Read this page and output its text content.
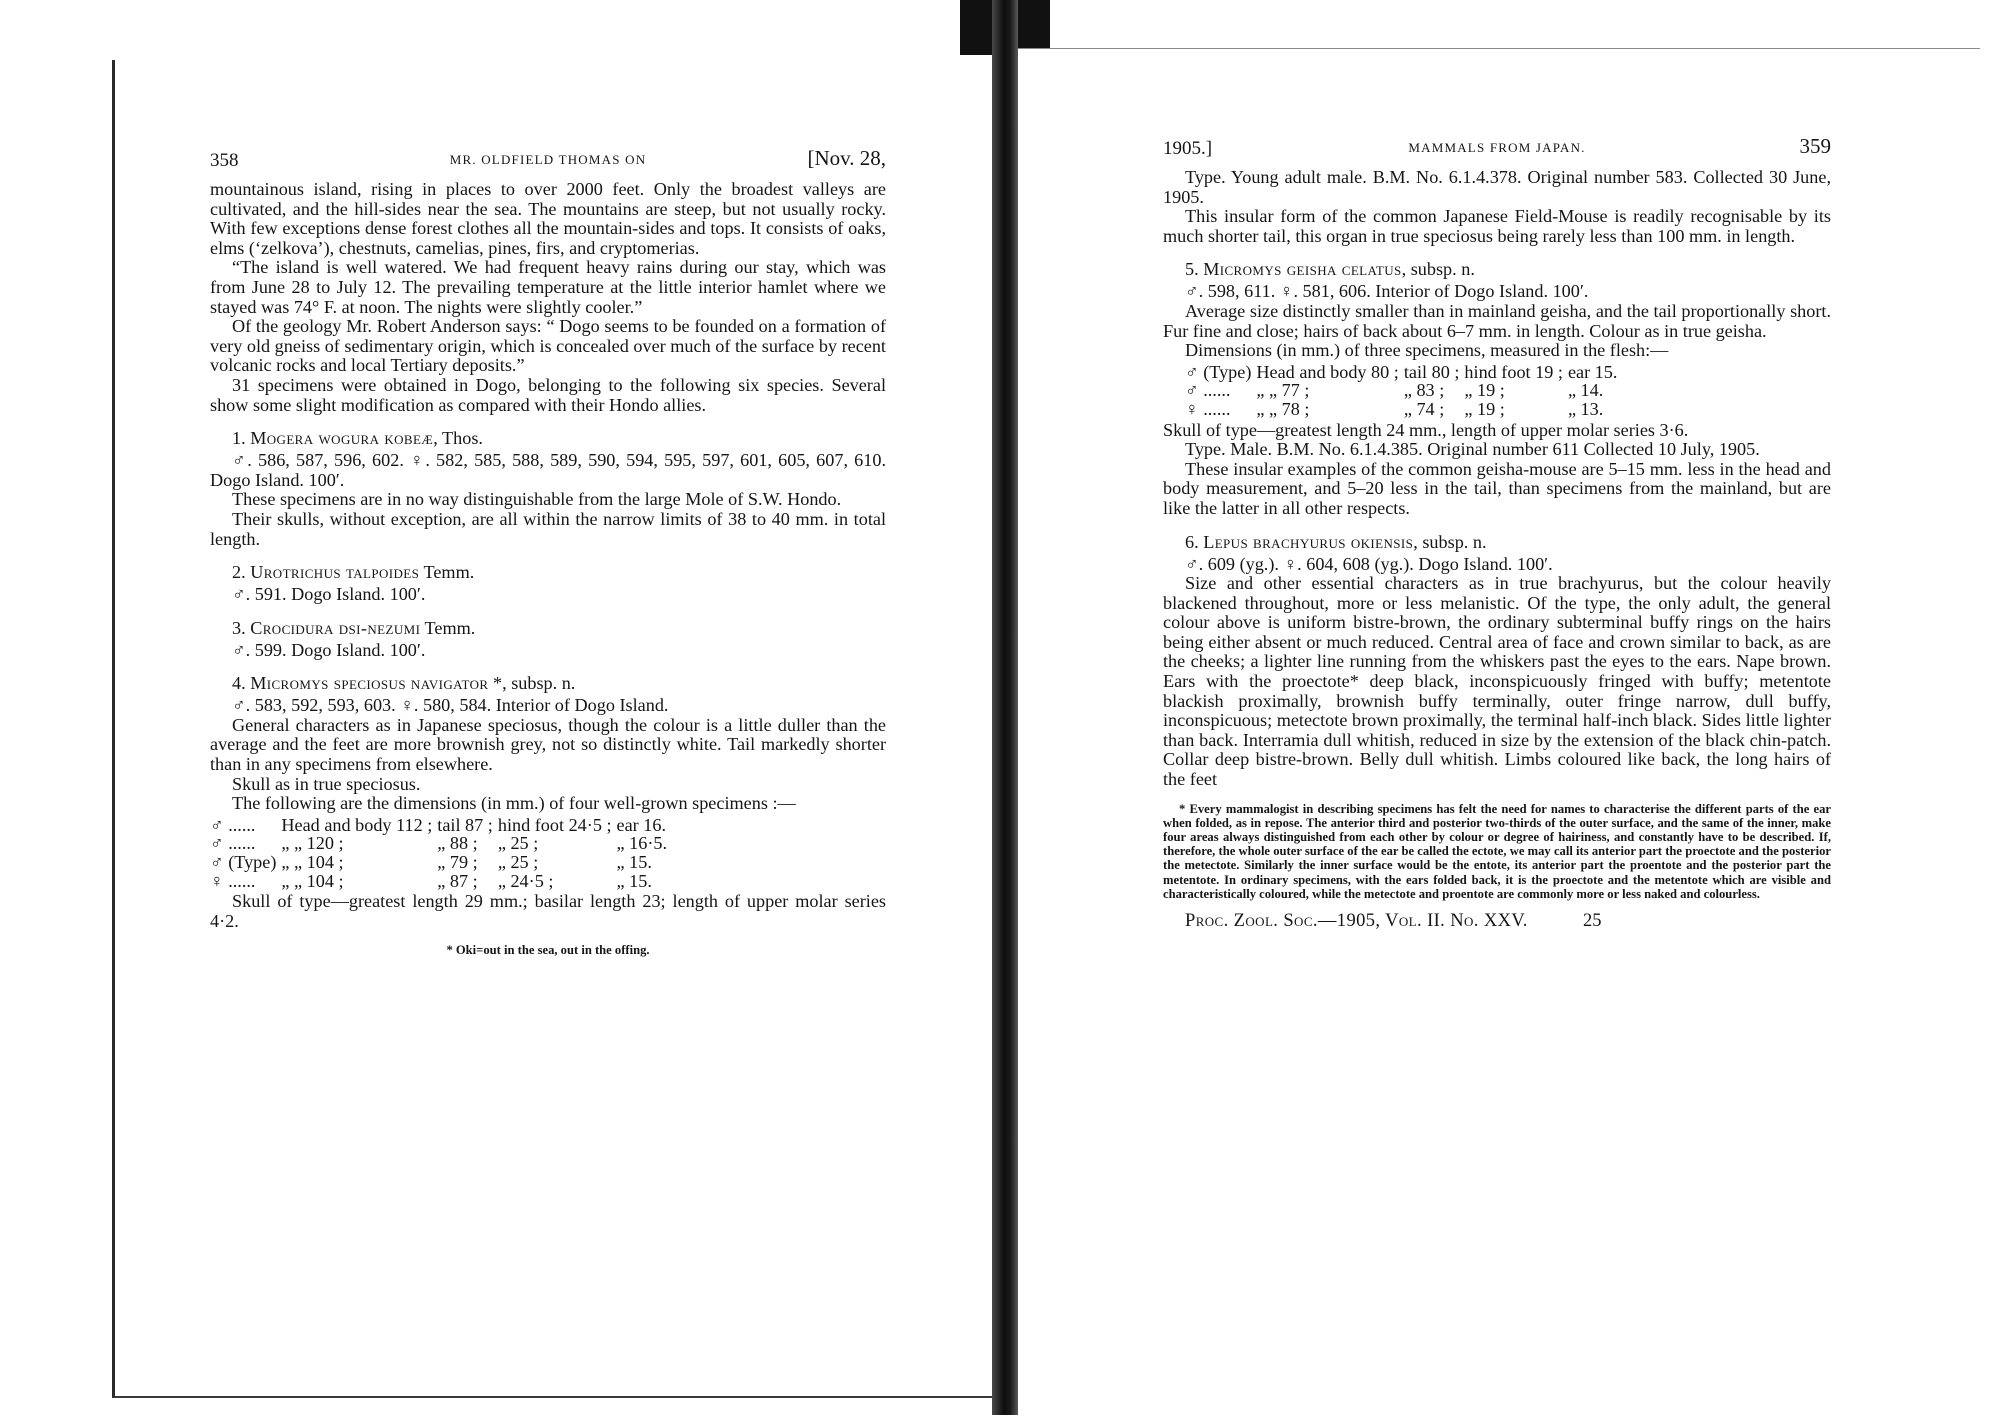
358	MR. OLDFIELD THOMAS ON	[Nov. 28,

mountainous island, rising in places to over 2000 feet. Only the broadest valleys are cultivated, and the hill-sides near the sea. The mountains are steep, but not usually rocky. With few exceptions dense forest clothes all the mountain-sides and tops. It consists of oaks, elms (‘zelkova’), chestnuts, camelias, pines, firs, and cryptomerias.

“The island is well watered. We had frequent heavy rains during our stay, which was from June 28 to July 12. The prevailing temperature at the little interior hamlet where we stayed was 74° F. at noon. The nights were slightly cooler.”

Of the geology Mr. Robert Anderson says: “ Dogo seems to be founded on a formation of very old gneiss of sedimentary origin, which is concealed over much of the surface by recent volcanic rocks and local Tertiary deposits.”

31 specimens were obtained in Dogo, belonging to the following six species. Several show some slight modification as compared with their Hondo allies.

1. Mogera wogura kobeæ, Thos.

♂. 586, 587, 596, 602. ♀. 582, 585, 588, 589, 590, 594, 595, 597, 601, 605, 607, 610. Dogo Island. 100′.

These specimens are in no way distinguishable from the large Mole of S.W. Hondo.

Their skulls, without exception, are all within the narrow limits of 38 to 40 mm. in total length.

2. Urotrichus talpoides Temm.
♂. 591. Dogo Island. 100′.
3. Crocidura dsi-nezumi Temm.
♂. 599. Dogo Island. 100′.
4. Micromys speciosus navigator *, subsp. n.

♂. 583, 592, 593, 603. ♀. 580, 584. Interior of Dogo Island.

General characters as in Japanese speciosus, though the colour is a little duller than the average and the feet are more brownish grey, not so distinctly white. Tail markedly shorter than in any specimens from elsewhere.

Skull as in true speciosus.

The following are the dimensions (in mm.) of four well-grown specimens :—

♂ ......	Head and body 112 ;	tail 87 ;	hind foot 24·5 ;	ear 16.
♂ ......	„ „ 120 ;	„ 88 ;	„ 25 ;	„ 16·5.
♂ (Type)	„ „ 104 ;	„ 79 ;	„ 25 ;	„ 15.
♀ ......	„ „ 104 ;	„ 87 ;	„ 24·5 ;	„ 15.

Skull of type—greatest length 29 mm.; basilar length 23; length of upper molar series 4·2.

* Oki=out in the sea, out in the offing.
1905.]	MAMMALS FROM JAPAN.	359

Type. Young adult male. B.M. No. 6.1.4.378. Original number 583. Collected 30 June, 1905.

This insular form of the common Japanese Field-Mouse is readily recognisable by its much shorter tail, this organ in true speciosus being rarely less than 100 mm. in length.

5. Micromys geisha celatus, subsp. n.

♂. 598, 611. ♀. 581, 606. Interior of Dogo Island. 100′.

Average size distinctly smaller than in mainland geisha, and the tail proportionally short. Fur fine and close; hairs of back about 6–7 mm. in length. Colour as in true geisha.

Dimensions (in mm.) of three specimens, measured in the flesh:—

♂ (Type)	Head and body 80 ;	tail 80 ;	hind foot 19 ;	ear 15.
♂ ......	„ „ 77 ;	„ 83 ;	„ 19 ;	„ 14.
♀ ......	„ „ 78 ;	„ 74 ;	„ 19 ;	„ 13.

Skull of type—greatest length 24 mm., length of upper molar series 3·6.

Type. Male. B.M. No. 6.1.4.385. Original number 611 Collected 10 July, 1905.

These insular examples of the common geisha-mouse are 5–15 mm. less in the head and body measurement, and 5–20 less in the tail, than specimens from the mainland, but are like the latter in all other respects.

6. Lepus brachyurus okiensis, subsp. n.

♂. 609 (yg.). ♀. 604, 608 (yg.). Dogo Island. 100′.

Size and other essential characters as in true brachyurus, but the colour heavily blackened throughout, more or less melanistic. Of the type, the only adult, the general colour above is uniform bistre-brown, the ordinary subterminal buffy rings on the hairs being either absent or much reduced. Central area of face and crown similar to back, as are the cheeks; a lighter line running from the whiskers past the eyes to the ears. Nape brown. Ears with the proectote* deep black, inconspicuously fringed with buffy; metentote blackish proximally, brownish buffy terminally, outer fringe narrow, dull buffy, inconspicuous; metectote brown proximally, the terminal half-inch black. Sides little lighter than back. Interramia dull whitish, reduced in size by the extension of the black chin-patch. Collar deep bistre-brown. Belly dull whitish. Limbs coloured like back, the long hairs of the feet

* Every mammalogist in describing specimens has felt the need for names to characterise the different parts of the ear when folded, as in repose. The anterior third and posterior two-thirds of the outer surface, and the same of the inner, make four areas always distinguished from each other by colour or degree of hairiness, and constantly have to be described. If, therefore, the whole outer surface of the ear be called the ectote, we may call its anterior part the proectote and the posterior the metectote. Similarly the inner surface would be the entote, its anterior part the proentote and the posterior part the metentote. In ordinary specimens, with the ears folded back, it is the proectote and the metentote which are visible and characteristically coloured, while the metectote and proentote are commonly more or less naked and colourless.
Proc. Zool. Soc.—1905, Vol. II. No. XXV.	25
